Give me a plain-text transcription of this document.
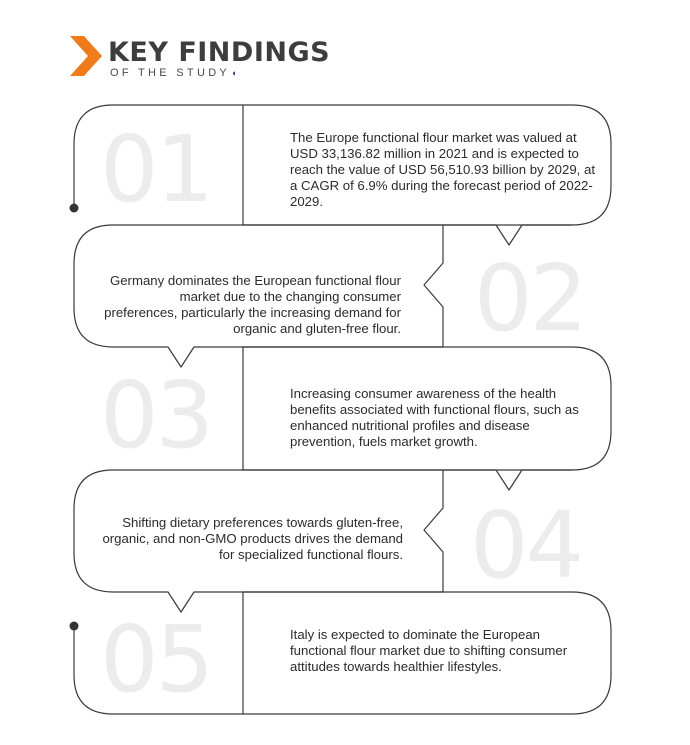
KEY FINDINGS
OF THE STUDY◖
01	The Europe functional flour market was valued at USD 33,136.82 million in 2021 and is expected to reach the value of USD 56,510.93 billion by 2029, at a CAGR of 6.9% during the forecast period of 2022-2029.
02
Germany dominates the European functional flour market due to the changing consumer preferences, particularly the increasing demand for organic and gluten-free flour.
03	Increasing consumer awareness of the health benefits associated with functional flours, such as enhanced nutritional profiles and disease prevention, fuels market growth.
04
Shifting dietary preferences towards gluten-free, organic, and non-GMO products drives the demand for specialized functional flours.
05	Italy is expected to dominate the European functional flour market due to shifting consumer attitudes towards healthier lifestyles.
